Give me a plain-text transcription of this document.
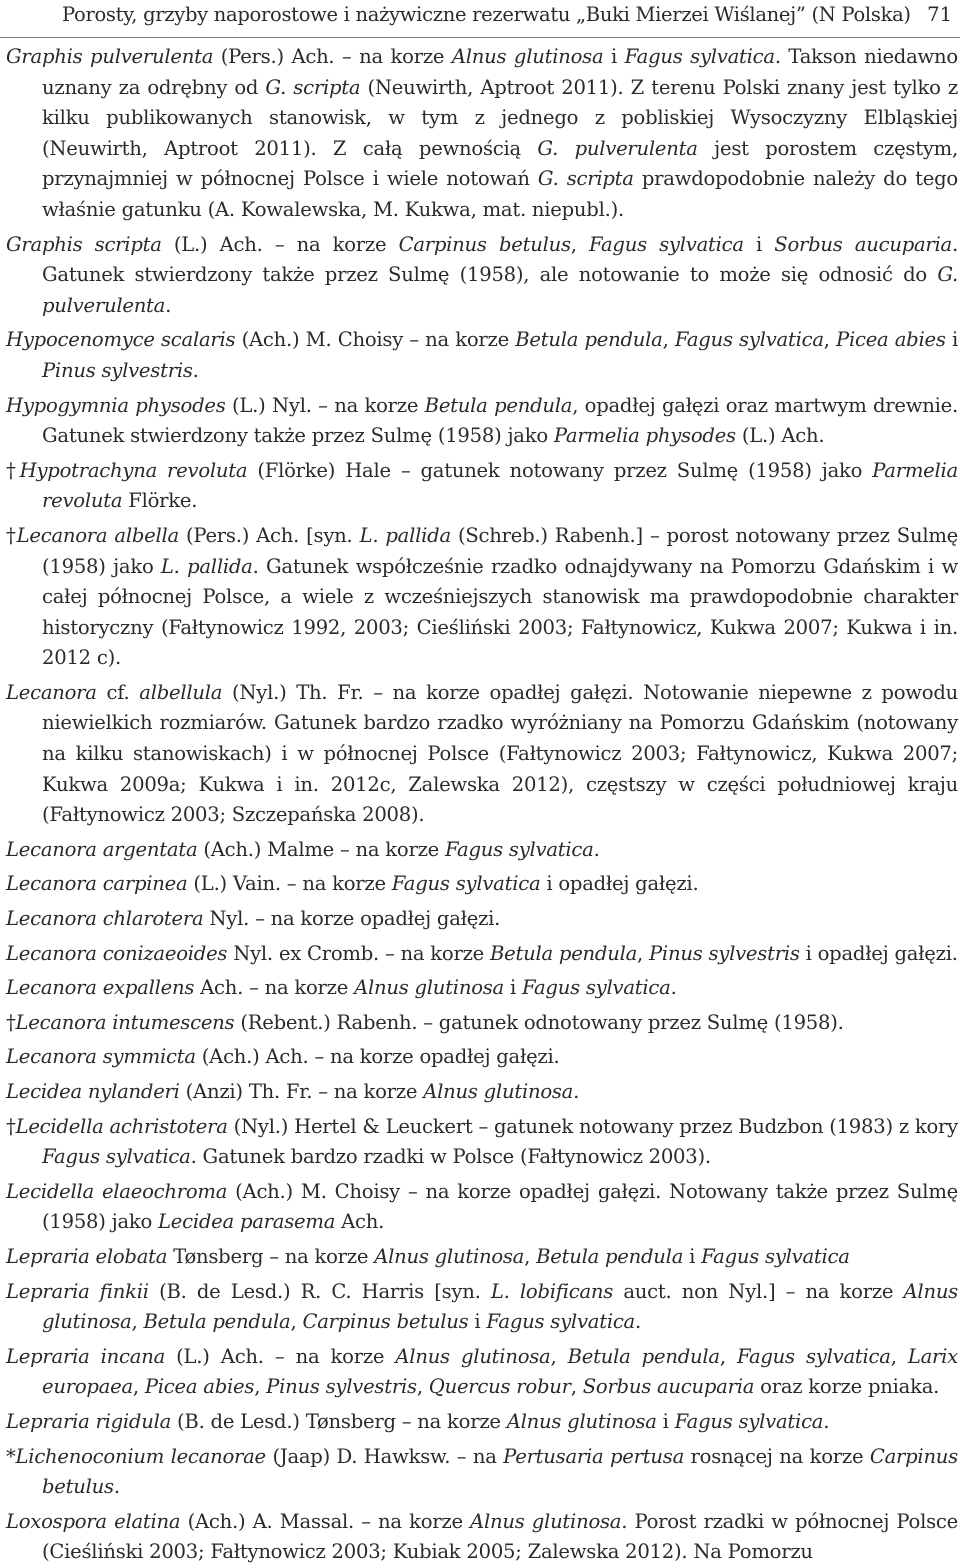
Porosty, grzyby naporostowe i nażywiczne rezerwatu „Buki Mierzei Wiślanej” (N Polska) 71

Graphis pulverulenta (Pers.) Ach. – na korze Alnus glutinosa i Fagus sylvatica. Takson niedawno uznany za odrębny od G. scripta (Neuwirth, Aptroot 2011). Z terenu Polski znany jest tylko z kilku publikowanych stanowisk, w tym z jednego z pobliskiej Wysoczyzny Elbląskiej (Neuwirth, Aptroot 2011). Z całą pewnością G. pulverulenta jest porostem częstym, przynajmniej w północnej Polsce i wiele notowań G. scripta prawdopodobnie należy do tego właśnie gatunku (A. Kowalewska, M. Kukwa, mat. niepubl.).

Graphis scripta (L.) Ach. – na korze Carpinus betulus, Fagus sylvatica i Sorbus aucuparia. Gatunek stwierdzony także przez Sulmę (1958), ale notowanie to może się odnosić do G. pulverulenta.

Hypocenomyce scalaris (Ach.) M. Choisy – na korze Betula pendula, Fagus sylvatica, Picea abies i Pinus sylvestris.

Hypogymnia physodes (L.) Nyl. – na korze Betula pendula, opadłej gałęzi oraz martwym drewnie. Gatunek stwierdzony także przez Sulmę (1958) jako Parmelia physodes (L.) Ach.

†Hypotrachyna revoluta (Flörke) Hale – gatunek notowany przez Sulmę (1958) jako Parmelia revoluta Flörke.

†Lecanora albella (Pers.) Ach. [syn. L. pallida (Schreb.) Rabenh.] – porost notowany przez Sulmę (1958) jako L. pallida. Gatunek współcześnie rzadko odnajdywany na Pomorzu Gdańskim i w całej północnej Polsce, a wiele z wcześniejszych stanowisk ma prawdopodobnie charakter historyczny (Fałtynowicz 1992, 2003; Cieśliński 2003; Fałtynowicz, Kukwa 2007; Kukwa i in. 2012 c).

Lecanora cf. albellula (Nyl.) Th. Fr. – na korze opadłej gałęzi. Notowanie niepewne z powodu niewielkich rozmiarów. Gatunek bardzo rzadko wyróżniany na Pomorzu Gdańskim (notowany na kilku stanowiskach) i w północnej Polsce (Fałtynowicz 2003; Fałtynowicz, Kukwa 2007; Kukwa 2009a; Kukwa i in. 2012c, Zalewska 2012), częstszy w części południowej kraju (Fałtynowicz 2003; Szczepańska 2008).

Lecanora argentata (Ach.) Malme – na korze Fagus sylvatica.

Lecanora carpinea (L.) Vain. – na korze Fagus sylvatica i opadłej gałęzi.

Lecanora chlarotera Nyl. – na korze opadłej gałęzi.

Lecanora conizaeoides Nyl. ex Cromb. – na korze Betula pendula, Pinus sylvestris i opadłej gałęzi.

Lecanora expallens Ach. – na korze Alnus glutinosa i Fagus sylvatica.

†Lecanora intumescens (Rebent.) Rabenh. – gatunek odnotowany przez Sulmę (1958).

Lecanora symmicta (Ach.) Ach. – na korze opadłej gałęzi.

Lecidea nylanderi (Anzi) Th. Fr. – na korze Alnus glutinosa.

†Lecidella achristotera (Nyl.) Hertel & Leuckert – gatunek notowany przez Budzbon (1983) z kory Fagus sylvatica. Gatunek bardzo rzadki w Polsce (Fałtynowicz 2003).

Lecidella elaeochroma (Ach.) M. Choisy – na korze opadłej gałęzi. Notowany także przez Sulmę (1958) jako Lecidea parasema Ach.

Lepraria elobata Tønsberg – na korze Alnus glutinosa, Betula pendula i Fagus sylvatica

Lepraria finkii (B. de Lesd.) R. C. Harris [syn. L. lobificans auct. non Nyl.] – na korze Alnus glutinosa, Betula pendula, Carpinus betulus i Fagus sylvatica.

Lepraria incana (L.) Ach. – na korze Alnus glutinosa, Betula pendula, Fagus sylvatica, Larix europaea, Picea abies, Pinus sylvestris, Quercus robur, Sorbus aucuparia oraz korze pniaka.

Lepraria rigidula (B. de Lesd.) Tønsberg – na korze Alnus glutinosa i Fagus sylvatica.

*Lichenoconium lecanorae (Jaap) D. Hawksw. – na Pertusaria pertusa rosnącej na korze Carpinus betulus.

Loxospora elatina (Ach.) A. Massal. – na korze Alnus glutinosa. Porost rzadki w północnej Polsce (Cieśliński 2003; Fałtynowicz 2003; Kubiak 2005; Zalewska 2012). Na Pomorzu
